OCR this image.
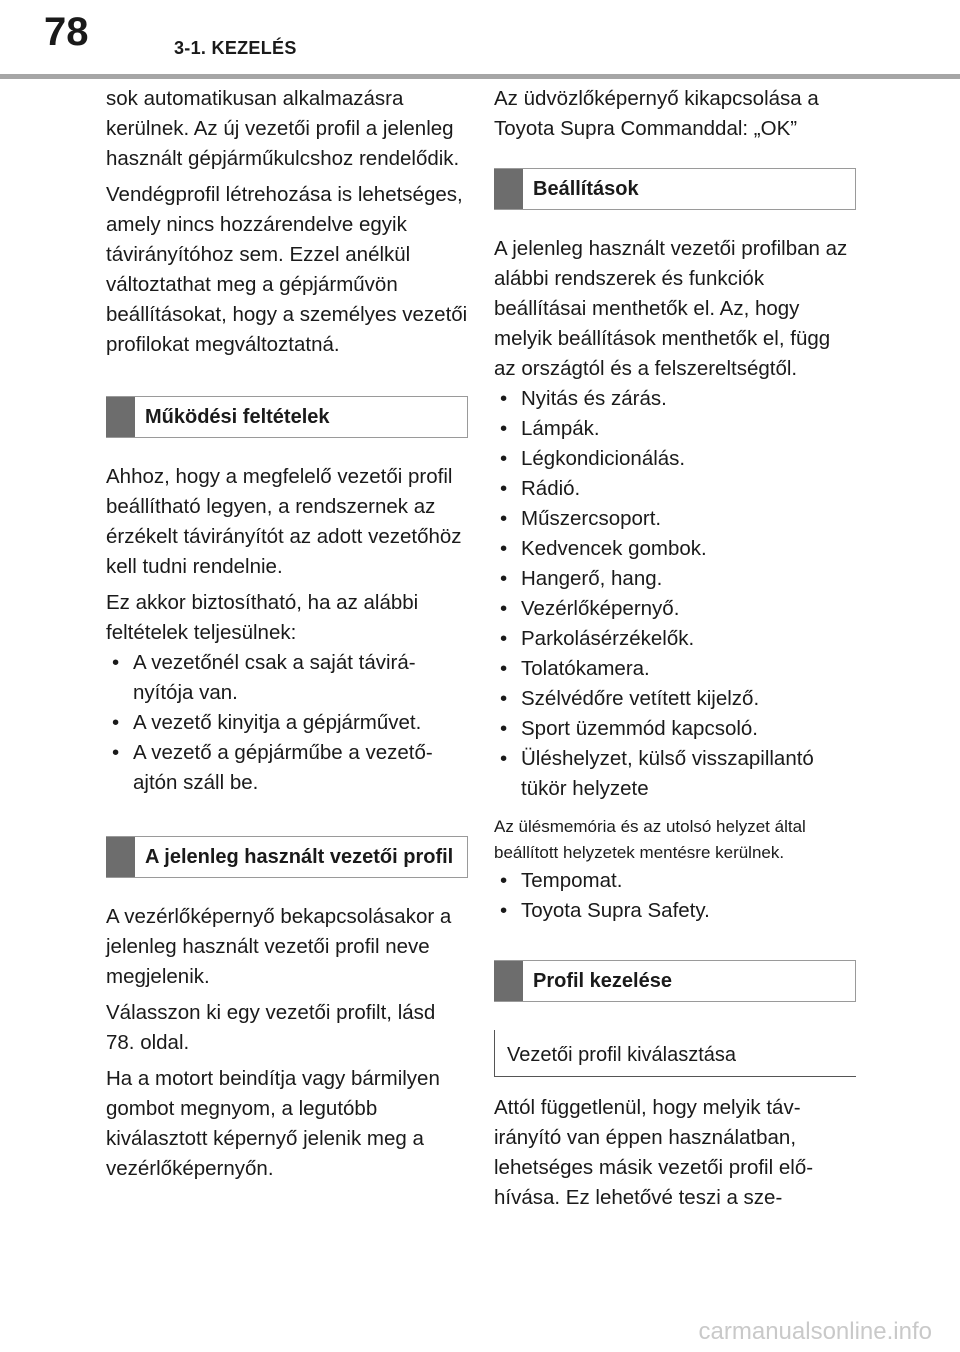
78	3-1. KEZELÉS

sok automatikusan alkalmazásra kerülnek. Az új vezetői profil a jelenleg használt gépjárműkulcshoz rendelődik.

Vendégprofil létrehozása is lehetséges, amely nincs hozzárendelve egyik távirányítóhoz sem. Ezzel anélkül változtathat meg a gépjárművön beállításokat, hogy a személyes vezetői profilokat megváltoztatná.

Működési feltételek

Ahhoz, hogy a megfelelő vezetői profil beállítható legyen, a rendszernek az érzékelt távirányítót az adott vezetőhöz kell tudni rendelnie.

Ez akkor biztosítható, ha az alábbi feltételek teljesülnek:

• A vezetőnél csak a saját távirányítója van.
• A vezető kinyitja a gépjárművet.
• A vezető a gépjárműbe a vezetőajtón száll be.
A jelenleg használt vezetői profil

A vezérlőképernyő bekapcsolásakor a jelenleg használt vezetői profil neve megjelenik.

Válasszon ki egy vezetői profilt, lásd 78. oldal.

Ha a motort beindítja vagy bármilyen gombot megnyom, a legutóbb kiválasztott képernyő jelenik meg a vezérlőképernyőn.

Az üdvözlőképernyő kikapcsolása a Toyota Supra Commanddal: „OK”

Beállítások

A jelenleg használt vezetői profilban az alábbi rendszerek és funkciók beállításai menthetők el. Az, hogy melyik beállítások menthetők el, függ az országtól és a felszereltségtől.

• Nyitás és zárás.
• Lámpák.
• Légkondicionálás.
• Rádió.
• Műszercsoport.
• Kedvencek gombok.
• Hangerő, hang.
• Vezérlőképernyő.
• Parkolásérzékelők.
• Tolatókamera.
• Szélvédőre vetített kijelző.
• Sport üzemmód kapcsoló.
• Üléshelyzet, külső visszapillantó tükör helyzete

Az ülésmemória és az utolsó helyzet által beállított helyzetek mentésre kerülnek.

• Tempomat.
• Toyota Supra Safety.
Profil kezelése
Vezetői profil kiválasztása

Attól függetlenül, hogy melyik távirányító van éppen használatban, lehetséges másik vezetői profil előhívása. Ez lehetővé teszi a sze-

carmanualsonline.info
